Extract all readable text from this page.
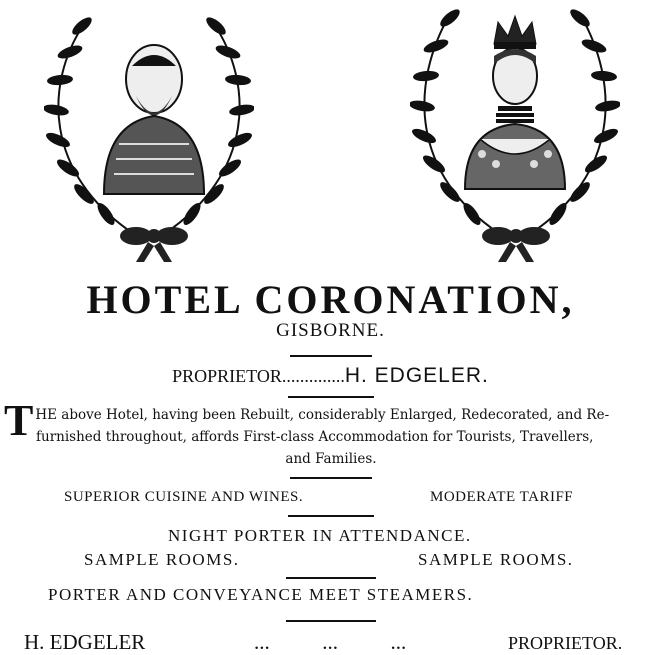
HOTEL CORONATION,
GISBORNE.
PROPRIETOR..............H. EDGELER.
T HE above Hotel, having been Rebuilt, considerably Enlarged, Redecorated, and Re-
furnished throughout, affords First-class Accommodation for Tourists, Travellers,
and Families.
SUPERIOR CUISINE AND WINES.	MODERATE TARIFF
NIGHT PORTER IN ATTENDANCE.
SAMPLE ROOMS.	SAMPLE ROOMS.
PORTER AND CONVEYANCE MEET STEAMERS.
H. EDGELER	...          ...          ...	PROPRIETOR.
